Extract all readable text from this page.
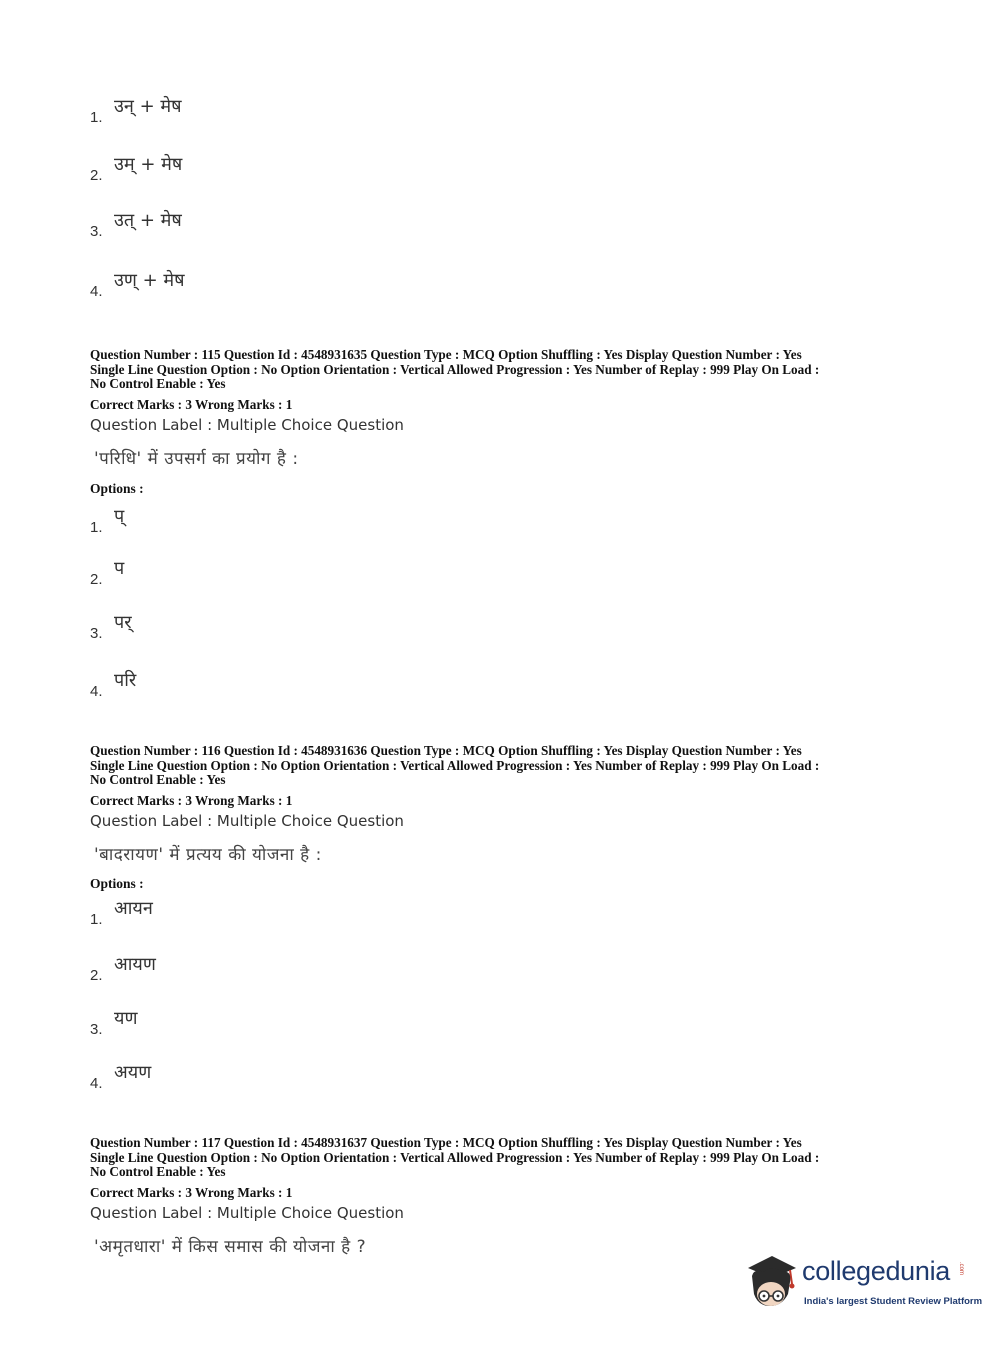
1.
उन् + मेष
2.
उम् + मेष
3.
उत् + मेष
4.
उण् + मेष
Question Number : 115 Question Id : 4548931635 Question Type : MCQ Option Shuffling : Yes Display Question Number : Yes
Single Line Question Option : No Option Orientation : Vertical Allowed Progression : Yes Number of Replay : 999 Play On Load :
No Control Enable : Yes
Correct Marks : 3 Wrong Marks : 1
Question Label : Multiple Choice Question
'परिधि' में उपसर्ग का प्रयोग है :
Options :
1.
प्
2.
प
3.
पर्
4.
परि
Question Number : 116 Question Id : 4548931636 Question Type : MCQ Option Shuffling : Yes Display Question Number : Yes
Single Line Question Option : No Option Orientation : Vertical Allowed Progression : Yes Number of Replay : 999 Play On Load :
No Control Enable : Yes
Correct Marks : 3 Wrong Marks : 1
Question Label : Multiple Choice Question
'बादरायण' में प्रत्यय की योजना है :
Options :
1.
आयन
2.
आयण
3.
यण
4.
अयण
Question Number : 117 Question Id : 4548931637 Question Type : MCQ Option Shuffling : Yes Display Question Number : Yes
Single Line Question Option : No Option Orientation : Vertical Allowed Progression : Yes Number of Replay : 999 Play On Load :
No Control Enable : Yes
Correct Marks : 3 Wrong Marks : 1
Question Label : Multiple Choice Question
'अमृतधारा' में किस समास की योजना है ?
collegedunia .com
India's largest Student Review Platform
